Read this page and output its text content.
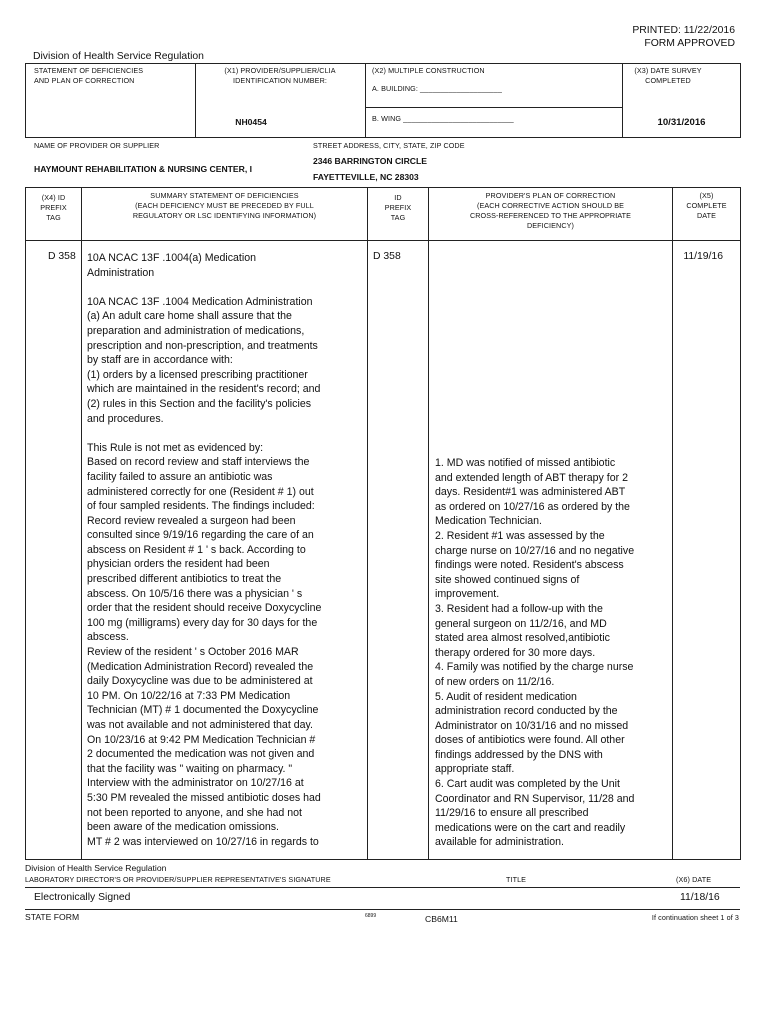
PRINTED: 11/22/2016
FORM APPROVED
Division of Health Service Regulation
STATEMENT OF DEFICIENCIES
AND PLAN OF CORRECTION
(X1) PROVIDER/SUPPLIER/CLIA
IDENTIFICATION NUMBER:
NH0454
(X2) MULTIPLE CONSTRUCTION
A. BUILDING: ____________________
B. WING ___________________________
(X3) DATE SURVEY
COMPLETED
10/31/2016
NAME OF PROVIDER OR SUPPLIER
HAYMOUNT REHABILITATION & NURSING CENTER, I
STREET ADDRESS, CITY, STATE, ZIP CODE
2346 BARRINGTON CIRCLE
FAYETTEVILLE, NC 28303
(X4) ID
PREFIX
TAG
SUMMARY STATEMENT OF DEFICIENCIES
(EACH DEFICIENCY MUST BE PRECEDED BY FULL
REGULATORY OR LSC IDENTIFYING INFORMATION)
ID
PREFIX
TAG
PROVIDER'S PLAN OF CORRECTION
(EACH CORRECTIVE ACTION SHOULD BE
CROSS-REFERENCED TO THE APPROPRIATE
DEFICIENCY)
(X5)
COMPLETE
DATE
D 358 10A NCAC 13F .1004(a) Medication
Administration

10A NCAC 13F .1004 Medication Administration
(a) An adult care home shall assure that the
preparation and administration of medications,
prescription and non-prescription, and treatments
by staff are in accordance with:
(1) orders by a licensed prescribing practitioner
which are maintained in the resident's record; and
(2) rules in this Section and the facility's policies
and procedures.

This Rule is not met as evidenced by:
Based on record review and staff interviews the
facility failed to assure an antibiotic was
administered correctly for one (Resident # 1) out
of four sampled residents. The findings included:
Record review revealed a surgeon had been
consulted since 9/19/16 regarding the care of an
abscess on Resident # 1 ' s back. According to
physician orders the resident had been
prescribed different antibiotics to treat the
abscess. On 10/5/16 there was a physician ' s
order that the resident should receive Doxycycline
100 mg (milligrams) every day for 30 days for the
abscess.
Review of the resident ' s October 2016 MAR
(Medication Administration Record) revealed the
daily Doxycycline was due to be administered at
10 PM. On 10/22/16 at 7:33 PM Medication
Technician (MT) # 1 documented the Doxycycline
was not available and not administered that day.
On 10/23/16 at 9:42 PM Medication Technician #
2 documented the medication was not given and
that the facility was " waiting on pharmacy. "
Interview with the administrator on 10/27/16 at
5:30 PM revealed the missed antibiotic doses had
not been reported to anyone, and she had not
been aware of the medication omissions.
MT # 2 was interviewed on 10/27/16 in regards to
D 358
1. MD was notified of missed antibiotic
and extended length of ABT therapy for 2
days. Resident#1 was administered ABT
as ordered on 10/27/16 as ordered by the
Medication Technician.
2. Resident #1 was assessed by the
charge nurse on 10/27/16 and no negative
findings were noted. Resident's abscess
site showed continued signs of
improvement.
3. Resident had a follow-up with the
general surgeon on 11/2/16, and MD
stated area almost resolved,antibiotic
therapy ordered for 30 more days.
4. Family was notified by the charge nurse
of new orders on 11/2/16.
5. Audit of resident medication
administration record conducted by the
Administrator on 10/31/16 and no missed
doses of antibiotics were found. All other
findings addressed by the DNS with
appropriate staff.
6. Cart audit was completed by the Unit
Coordinator and RN Supervisor, 11/28 and
11/29/16 to ensure all prescribed
medications were on the cart and readily
available for administration.
11/19/16
Division of Health Service Regulation
LABORATORY DIRECTOR'S OR PROVIDER/SUPPLIER REPRESENTATIVE'S SIGNATURE	TITLE	(X6) DATE
Electronically Signed	11/18/16
STATE FORM	6899	CB6M11	If continuation sheet 1 of 3
